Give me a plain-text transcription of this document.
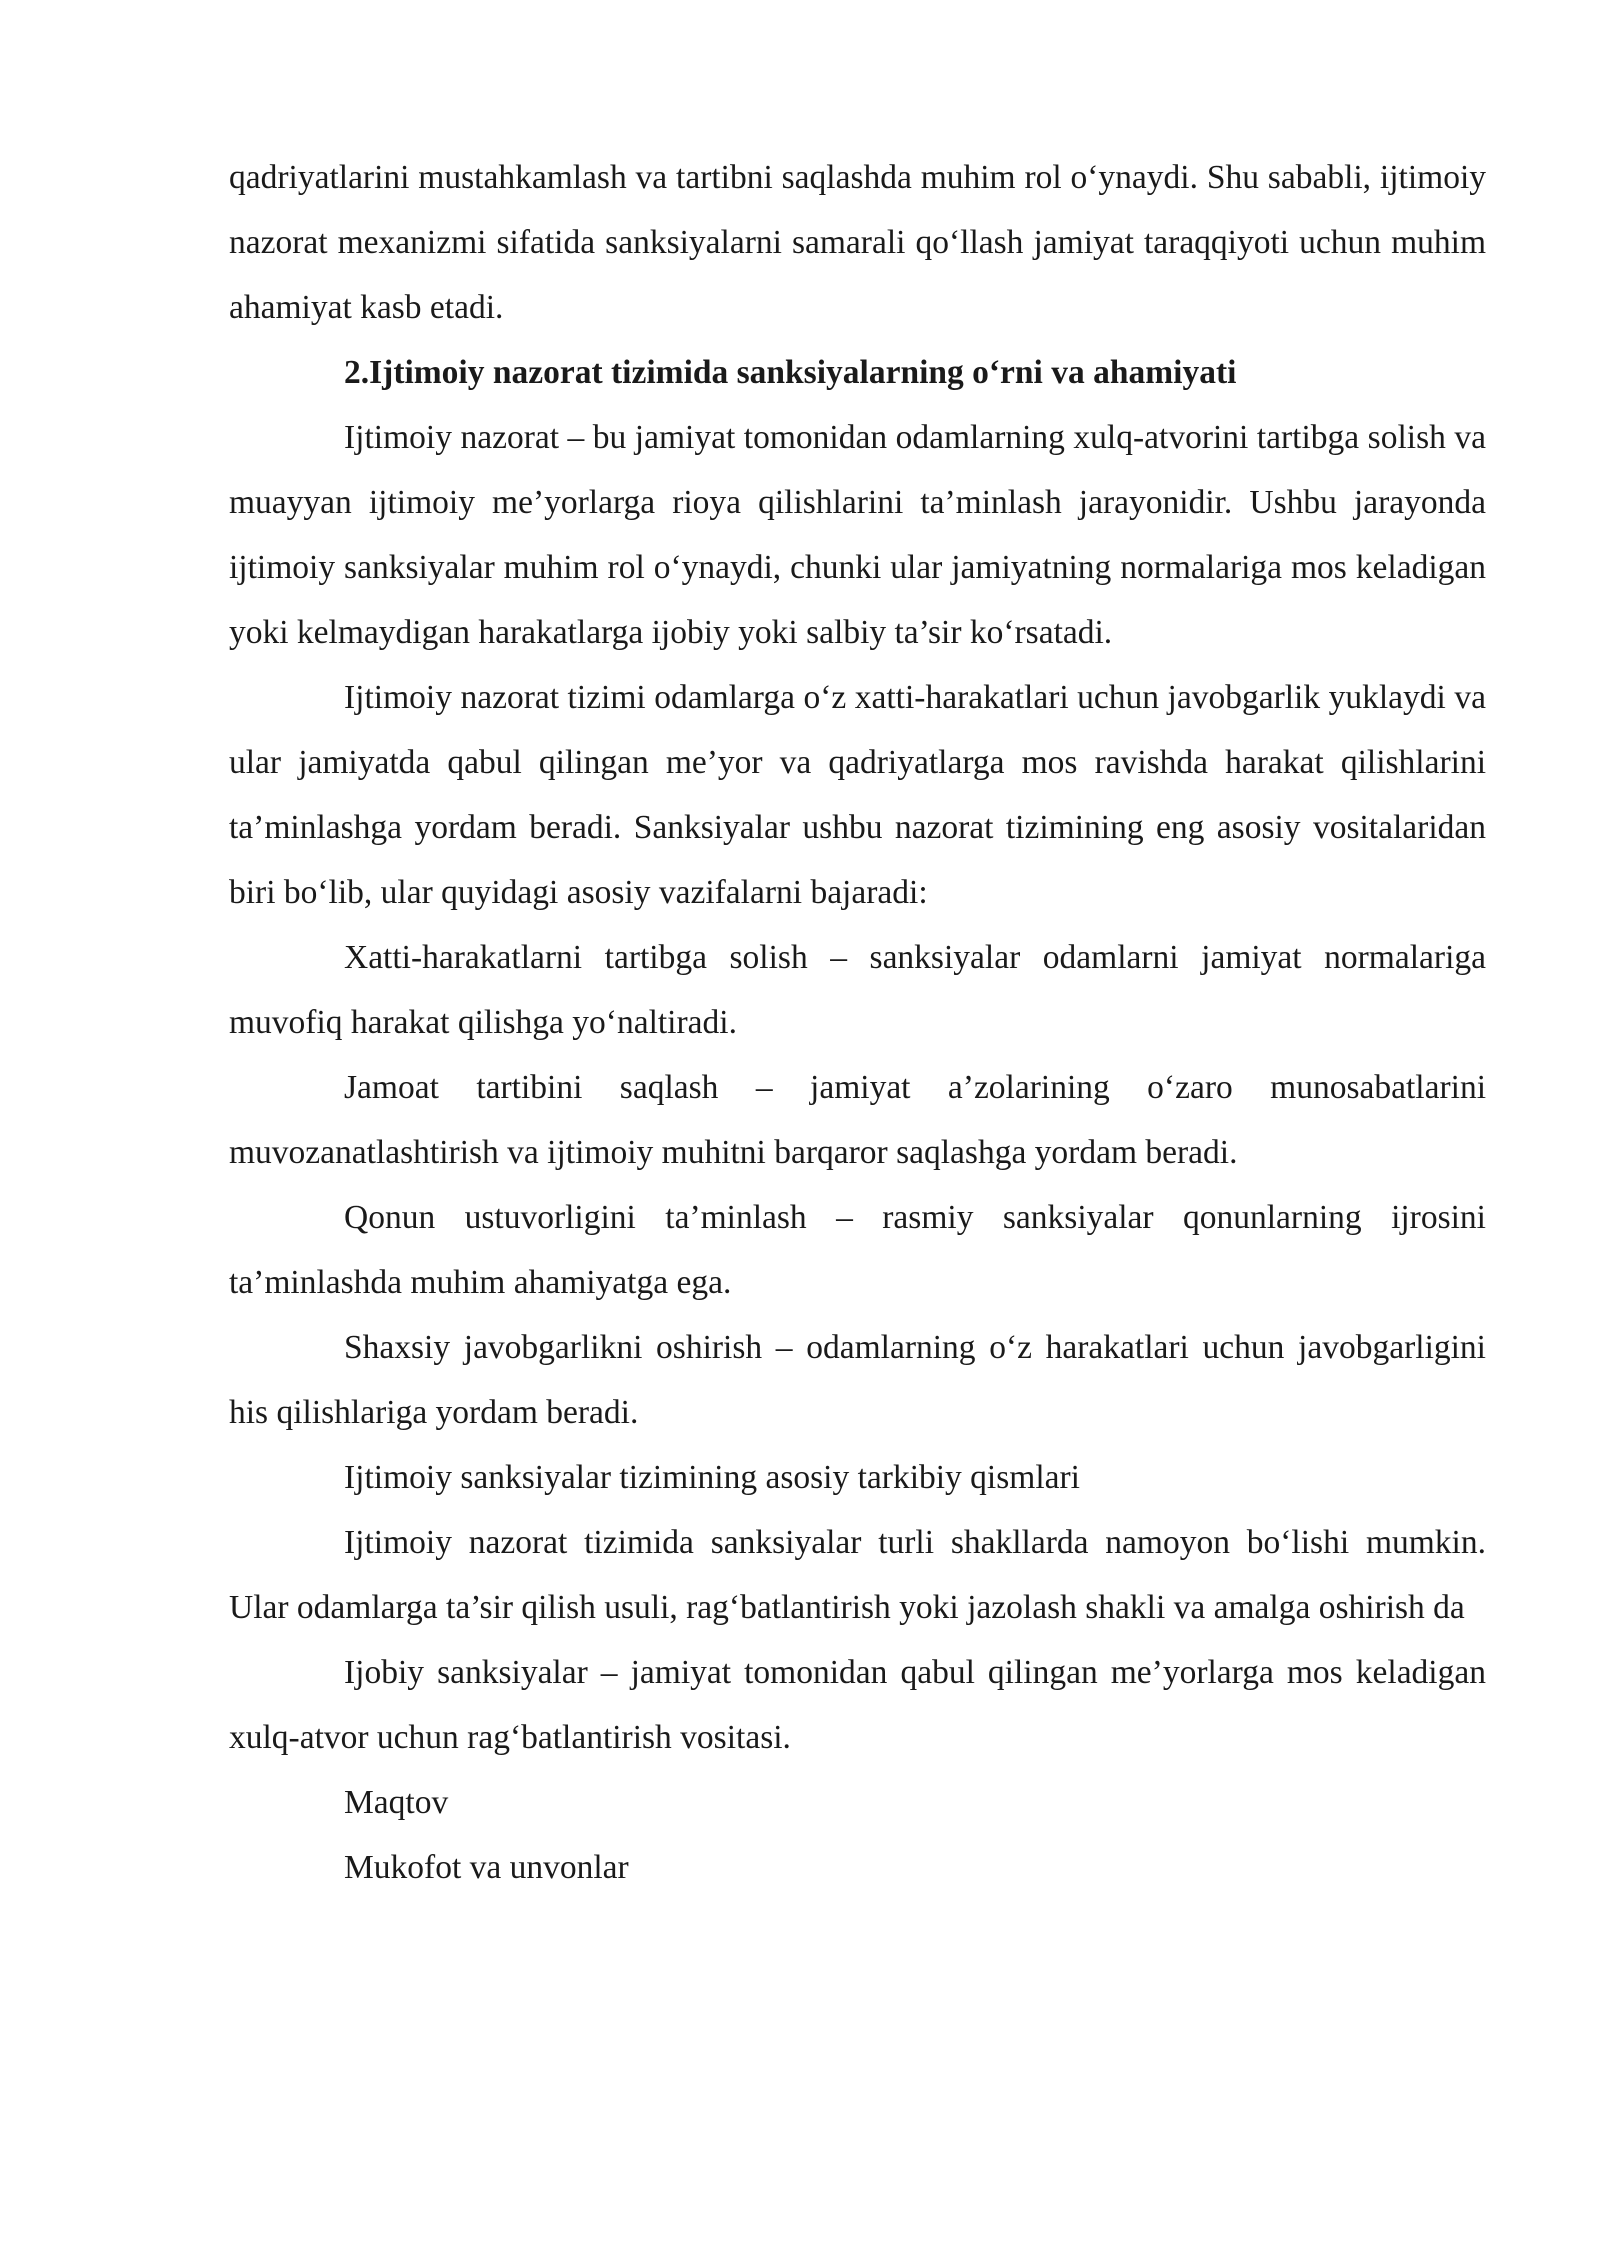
qadriyatlarini mustahkamlash va tartibni saqlashda muhim rol o‘ynaydi. Shu sababli, ijtimoiy nazorat mexanizmi sifatida sanksiyalarni samarali qo‘llash jamiyat taraqqiyoti uchun muhim ahamiyat kasb etadi.

2.Ijtimoiy nazorat tizimida sanksiyalarning o‘rni va ahamiyati

Ijtimoiy nazorat – bu jamiyat tomonidan odamlarning xulq-atvorini tartibga solish va muayyan ijtimoiy me’yorlarga rioya qilishlarini ta’minlash jarayonidir. Ushbu jarayonda ijtimoiy sanksiyalar muhim rol o‘ynaydi, chunki ular jamiyatning normalariga mos keladigan yoki kelmaydigan harakatlarga ijobiy yoki salbiy ta’sir ko‘rsatadi.

Ijtimoiy nazorat tizimi odamlarga o‘z xatti-harakatlari uchun javobgarlik yuklaydi va ular jamiyatda qabul qilingan me’yor va qadriyatlarga mos ravishda harakat qilishlarini ta’minlashga yordam beradi. Sanksiyalar ushbu nazorat tizimining eng asosiy vositalaridan biri bo‘lib, ular quyidagi asosiy vazifalarni bajaradi:

Xatti-harakatlarni tartibga solish – sanksiyalar odamlarni jamiyat normalariga muvofiq harakat qilishga yo‘naltiradi.

Jamoat tartibini saqlash – jamiyat a’zolarining o‘zaro munosabatlarini muvozanatlashtirish va ijtimoiy muhitni barqaror saqlashga yordam beradi.

Qonun ustuvorligini ta’minlash – rasmiy sanksiyalar qonunlarning ijrosini ta’minlashda muhim ahamiyatga ega.

Shaxsiy javobgarlikni oshirish – odamlarning o‘z harakatlari uchun javobgarligini his qilishlariga yordam beradi.

Ijtimoiy sanksiyalar tizimining asosiy tarkibiy qismlari

Ijtimoiy nazorat tizimida sanksiyalar turli shakllarda namoyon bo‘lishi mumkin. Ular odamlarga ta’sir qilish usuli, rag‘batlantirish yoki jazolash shakli va amalga oshirish da

Ijobiy sanksiyalar – jamiyat tomonidan qabul qilingan me’yorlarga mos keladigan xulq-atvor uchun rag‘batlantirish vositasi.

Maqtov

Mukofot va unvonlar
